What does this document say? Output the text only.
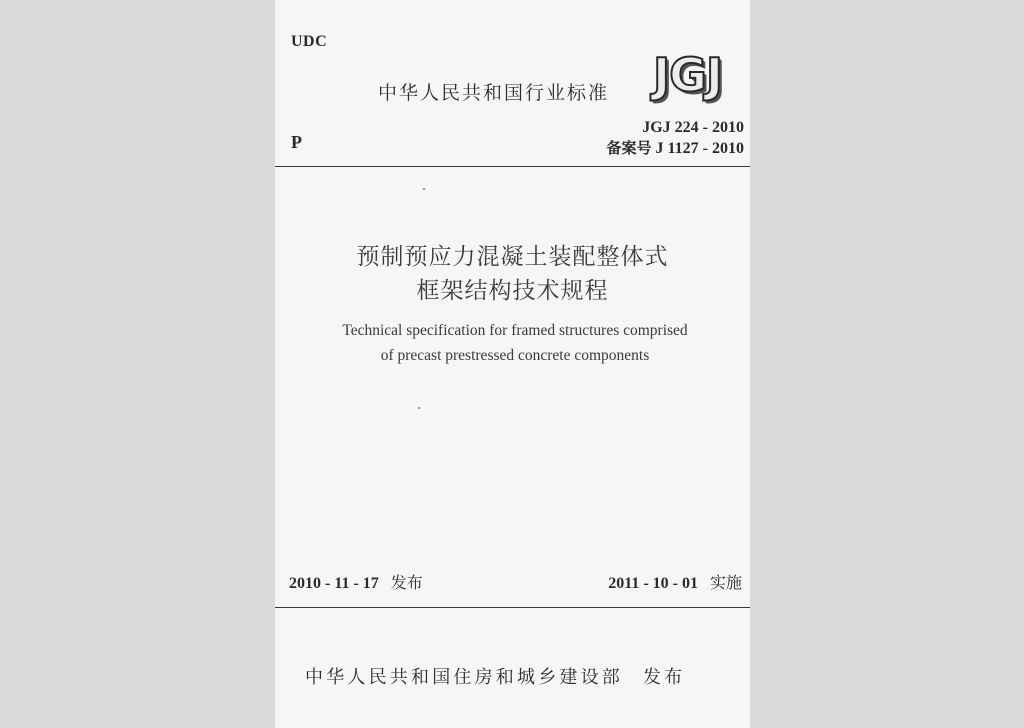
UDC
中华人民共和国行业标准 JGJ
P
JGJ 224 - 2010
备案号 J 1127 - 2010
预制预应力混凝土装配整体式
框架结构技术规程
Technical specification for framed structures comprised
of precast prestressed concrete components
2010 - 11 - 17 发布	2011 - 10 - 01 实施
中华人民共和国住房和城乡建设部 发布
